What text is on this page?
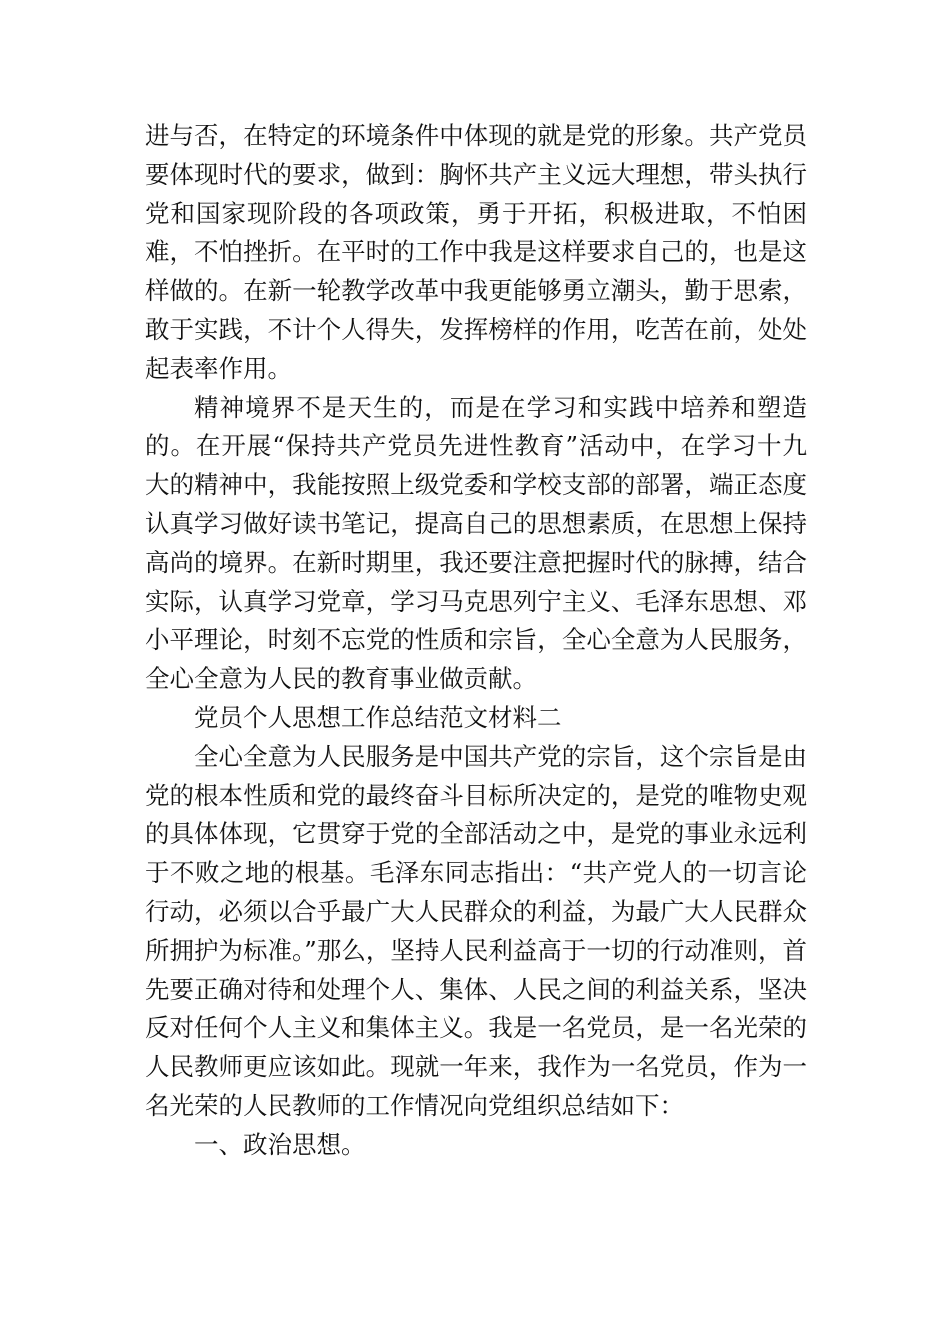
进与否，在特定的环境条件中体现的就是党的形象。共产党员要体现时代的要求，做到：胸怀共产主义远大理想，带头执行党和国家现阶段的各项政策，勇于开拓，积极进取，不怕困难，不怕挫折。在平时的工作中我是这样要求自己的，也是这样做的。在新一轮教学改革中我更能够勇立潮头，勤于思索，敢于实践，不计个人得失，发挥榜样的作用，吃苦在前，处处起表率作用。

精神境界不是天生的，而是在学习和实践中培养和塑造的。在开展“保持共产党员先进性教育”活动中，在学习十九大的精神中，我能按照上级党委和学校支部的部署，端正态度认真学习做好读书笔记，提高自己的思想素质，在思想上保持高尚的境界。在新时期里，我还要注意把握时代的脉搏，结合实际，认真学习党章，学习马克思列宁主义、毛泽东思想、邓小平理论，时刻不忘党的性质和宗旨，全心全意为人民服务，全心全意为人民的教育事业做贡献。

党员个人思想工作总结范文材料二

全心全意为人民服务是中国共产党的宗旨，这个宗旨是由党的根本性质和党的最终奋斗目标所决定的，是党的唯物史观的具体体现，它贯穿于党的全部活动之中，是党的事业永远利于不败之地的根基。毛泽东同志指出：“共产党人的一切言论行动，必须以合乎最广大人民群众的利益，为最广大人民群众所拥护为标准。”那么，坚持人民利益高于一切的行动准则，首先要正确对待和处理个人、集体、人民之间的利益关系，坚决反对任何个人主义和集体主义。我是一名党员，是一名光荣的人民教师更应该如此。现就一年来，我作为一名党员，作为一名光荣的人民教师的工作情况向党组织总结如下：

一、政治思想。
